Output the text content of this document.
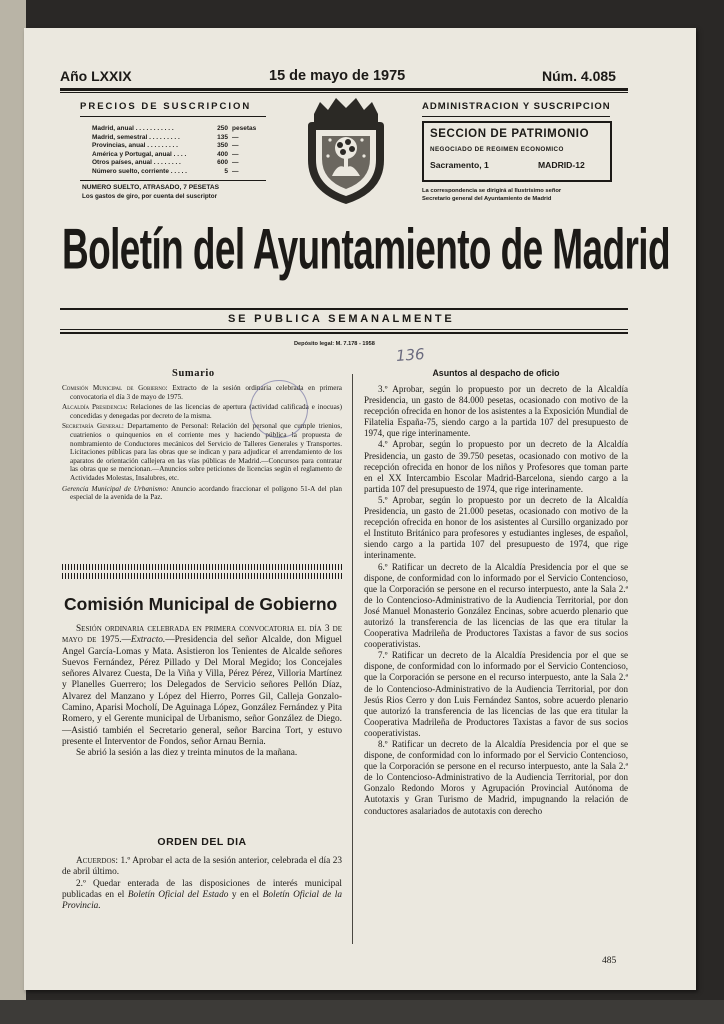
Año LXXIX	15 de mayo de 1975	Núm. 4.085
PRECIOS DE SUSCRIPCION
Madrid, anual . . . . . . . . . . .	250 pesetas
Madrid, semestral . . . . . . . . .	135 —
Provincias, anual . . . . . . . . .	350 —
América y Portugal, anual . . . .	400 —
Otros países, anual . . . . . . . .	600 —
Número suelto, corriente . . . . .	5 —
NUMERO SUELTO, ATRASADO, 7 PESETAS
Los gastos de giro, por cuenta del suscriptor
ADMINISTRACION Y SUSCRIPCION
SECCION DE PATRIMONIO
NEGOCIADO DE REGIMEN ECONOMICO
Sacramento, 1	MADRID-12
La correspondencia se dirigirá al Ilustrísimo señor
Secretario general del Ayuntamiento de Madrid
Boletín del Ayuntamiento de Madrid
SE PUBLICA SEMANALMENTE
Depósito legal: M. 7.178 - 1958
136
Sumario

Comisión Municipal de Gobierno: Extracto de la sesión ordinaria celebrada en primera convocatoria el día 3 de mayo de 1975.

Alcaldía Presidencia: Relaciones de las licencias de apertura (actividad calificada e inocuas) concedidas y denegadas por decreto de la misma.

Secretaría General: Departamento de Personal: Relación del personal que cumple trienios, cuatrienios o quinquenios en el corriente mes y haciendo pública la propuesta de nombramiento de Conductores mecánicos del Servicio de Talleres Generales y Transportes. Licitaciones públicas para las obras que se indican y para adjudicar el arrendamiento de los aparatos de orientación callejera en las vías públicas de Madrid.—Concursos para contratar las obras que se mencionan.—Anuncios sobre peticiones de licencias según el reglamento de Actividades Molestas, Insalubres, etc.

Gerencia Municipal de Urbanismo: Anuncio acordando fraccionar el polígono 51-A del plan especial de la avenida de la Paz.

Comisión Municipal de Gobierno

Sesión ordinaria celebrada en primera convocatoria el día 3 de mayo de 1975.—Extracto.—Presidencia del señor Alcalde, don Miguel Angel García-Lomas y Mata. Asistieron los Tenientes de Alcalde señores Suevos Fernández, Pérez Pillado y Del Moral Megido; los Concejales señores Alvarez Cuesta, De la Viña y Villa, Pérez Pérez, Villoria Martínez y Planelles Guerrero; los Delegados de Servicio señores Pellón Díaz, Alvarez del Manzano y López del Hierro, Porres Gil, Calleja Gonzalo-Camino, Aparisi Mocholí, De Aguinaga López, González Fernández y Pita Romero, y el Gerente municipal de Urbanismo, señor González de Diego.—Asistió también el Secretario general, señor Barcina Tort, y estuvo presente el Interventor de Fondos, señor Arnau Bernia.

Se abrió la sesión a las diez y treinta minutos de la mañana.

ORDEN DEL DIA

Acuerdos: 1.º Aprobar el acta de la sesión anterior, celebrada el día 23 de abril último.

2.º Quedar enterada de las disposiciones de interés municipal publicadas en el Boletín Oficial del Estado y en el Boletín Oficial de la Provincia.

Asuntos al despacho de oficio

3.º Aprobar, según lo propuesto por un decreto de la Alcaldía Presidencia, un gasto de 84.000 pesetas, ocasionado con motivo de la recepción ofrecida en honor de los asistentes a la Exposición Mundial de Filatelia España-75, siendo cargo a la partida 107 del presupuesto de 1974, que rige interinamente.

4.º Aprobar, según lo propuesto por un decreto de la Alcaldía Presidencia, un gasto de 39.750 pesetas, ocasionado con motivo de la recepción ofrecida en honor de los niños y Profesores que toman parte en el XX Intercambio Escolar Madrid-Barcelona, siendo cargo a la partida 107 del presupuesto de 1974, que rige interinamente.

5.º Aprobar, según lo propuesto por un decreto de la Alcaldía Presidencia, un gasto de 21.000 pesetas, ocasionado con motivo de la recepción ofrecida en honor de los asistentes al Cursillo organizado por el Instituto Británico para profesores y estudiantes ingleses, de español, siendo cargo a la partida 107 del presupuesto de 1974, que rige interinamente.

6.º Ratificar un decreto de la Alcaldía Presidencia por el que se dispone, de conformidad con lo informado por el Servicio Contencioso, que la Corporación se persone en el recurso interpuesto, ante la Sala 2.ª de lo Contencioso-Administrativo de la Audiencia Territorial, por don José Manuel Monasterio González Encinas, sobre acuerdo plenario que autorizó la transferencia de las licencias de las que era titular la Cooperativa Madrileña de Productores Taxistas a favor de sus socios cooperativistas.

7.º Ratificar un decreto de la Alcaldía Presidencia por el que se dispone, de conformidad con lo informado por el Servicio Contencioso, que la Corporación se persone en el recurso interpuesto, ante la Sala 2.ª de lo Contencioso-Administrativo de la Audiencia Territorial, por don Jesús Rios Cerro y don Luis Fernández Santos, sobre acuerdo plenario que autorizó la transferencia de las licencias de las que era titular la Cooperativa Madrileña de Productores Taxistas a favor de sus socios cooperativistas.

8.º Ratificar un decreto de la Alcaldía Presidencia por el que se dispone, de conformidad con lo informado por el Servicio Contencioso, que la Corporación se persone en el recurso interpuesto, ante la Sala 2.ª de lo Contencioso-Administrativo de la Audiencia Territorial, por don Gonzalo Redondo Moros y Agrupación Provincial Autónoma de Autotaxis y Gran Turismo de Madrid, impugnando la relación de conductores asalariados de autotaxis con derecho

485
